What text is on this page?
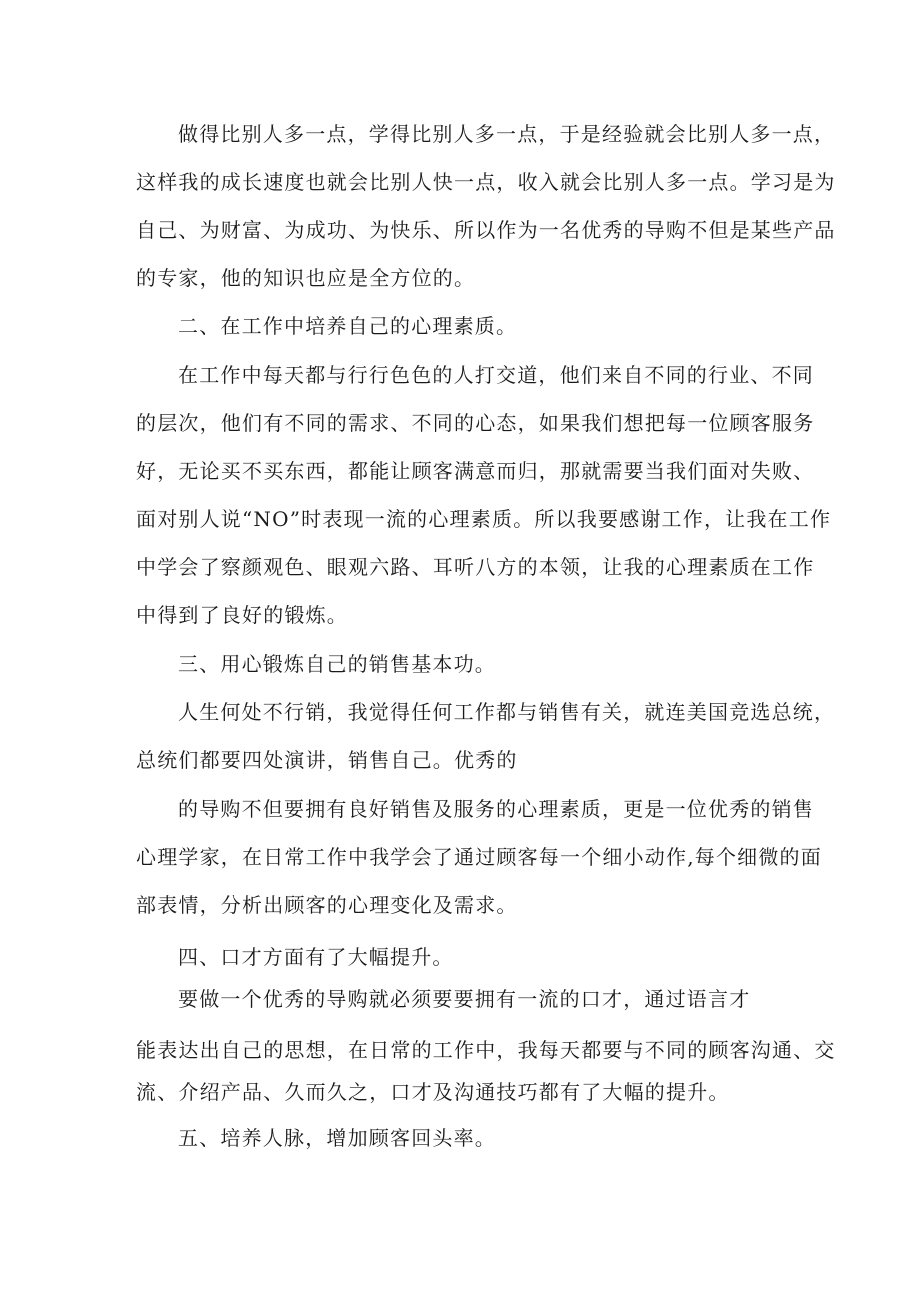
做得比别人多一点，学得比别人多一点，于是经验就会比别人多一点，
这样我的成长速度也就会比别人快一点，收入就会比别人多一点。学习是为
自己、为财富、为成功、为快乐、所以作为一名优秀的导购不但是某些产品
的专家，他的知识也应是全方位的。
二、在工作中培养自己的心理素质。
在工作中每天都与行行色色的人打交道，他们来自不同的行业、不同
的层次，他们有不同的需求、不同的心态，如果我们想把每一位顾客服务
好，无论买不买东西，都能让顾客满意而归，那就需要当我们面对失败、
面对别人说“NO”时表现一流的心理素质。所以我要感谢工作，让我在工作
中学会了察颜观色、眼观六路、耳听八方的本领，让我的心理素质在工作
中得到了良好的锻炼。
三、用心锻炼自己的销售基本功。
人生何处不行销，我觉得任何工作都与销售有关，就连美国竞选总统，
总统们都要四处演讲，销售自己。优秀的
的导购不但要拥有良好销售及服务的心理素质，更是一位优秀的销售
心理学家，在日常工作中我学会了通过顾客每一个细小动作,每个细微的面
部表情，分析出顾客的心理变化及需求。
四、口才方面有了大幅提升。
要做一个优秀的导购就必须要要拥有一流的口才，通过语言才
能表达出自己的思想，在日常的工作中，我每天都要与不同的顾客沟通、交
流、介绍产品、久而久之，口才及沟通技巧都有了大幅的提升。
五、培养人脉，增加顾客回头率。
